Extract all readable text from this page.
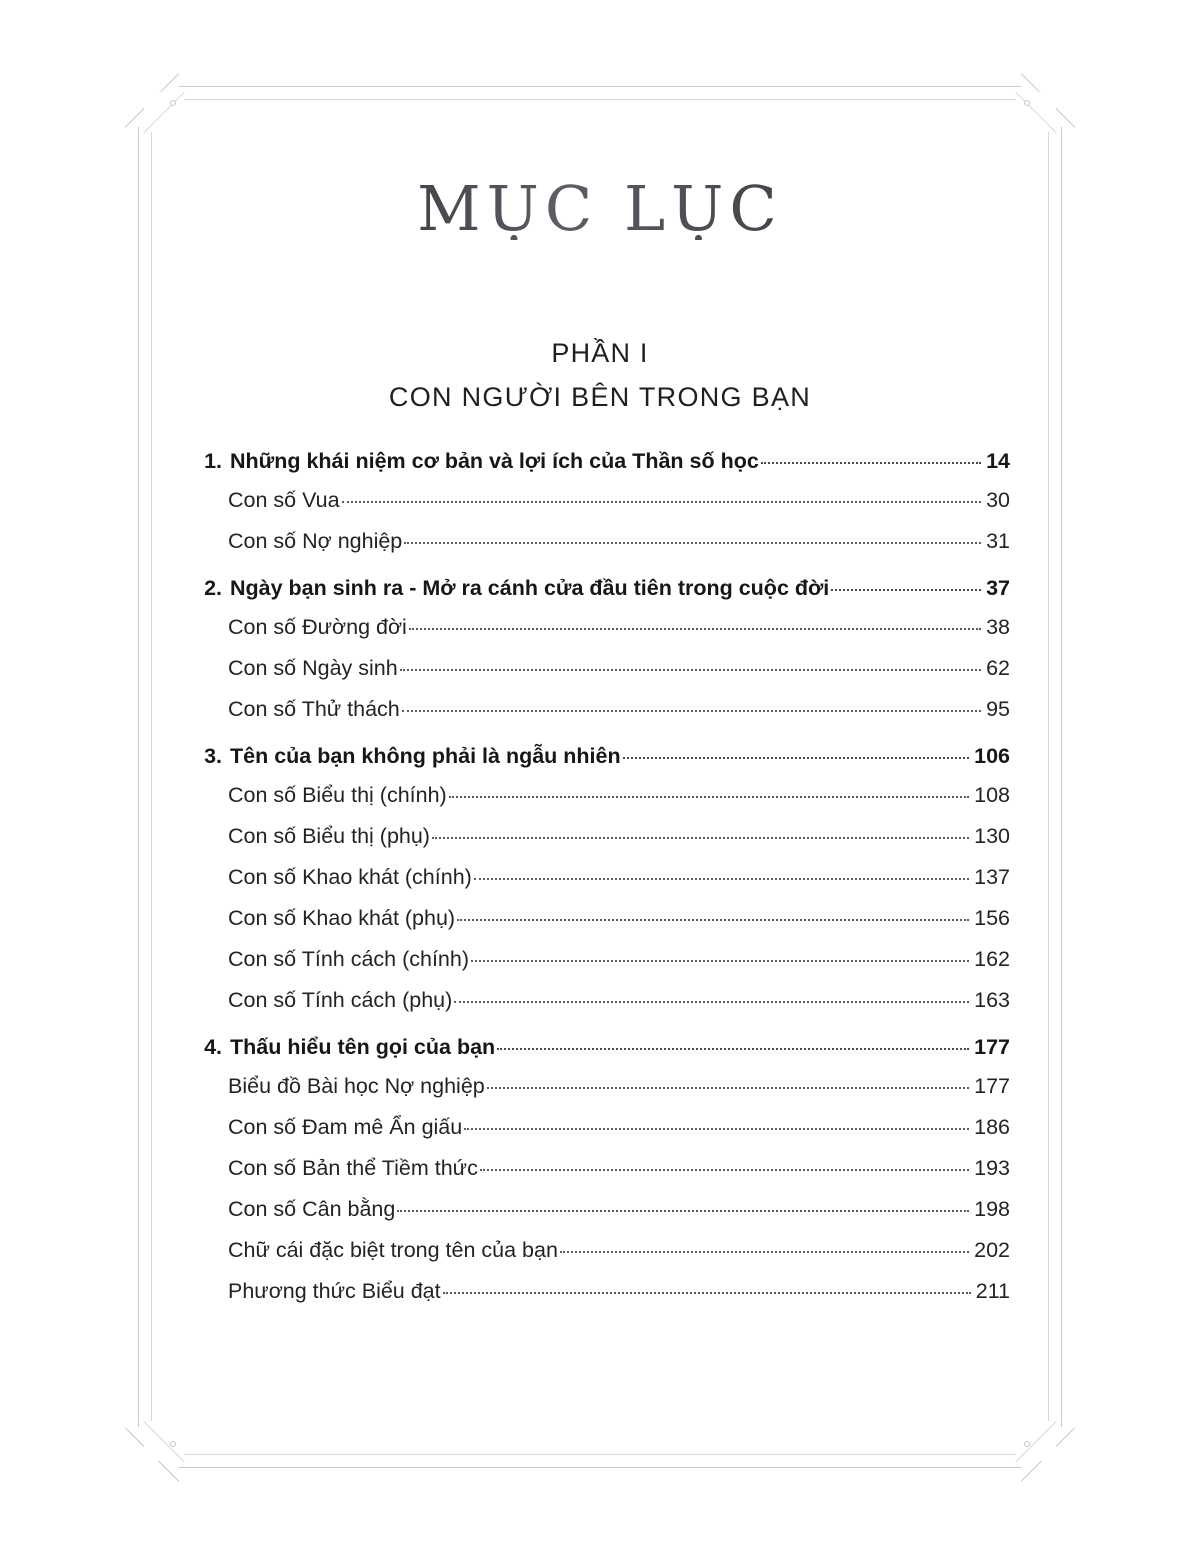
MỤC LỤC
PHẦN I
CON NGƯỜI BÊN TRONG BẠN
1. Những khái niệm cơ bản và lợi ích của Thần số học	14
Con số Vua	30
Con số Nợ nghiệp	31
2. Ngày bạn sinh ra - Mở ra cánh cửa đầu tiên trong cuộc đời	37
Con số Đường đời	38
Con số Ngày sinh	62
Con số Thử thách	95
3. Tên của bạn không phải là ngẫu nhiên	106
Con số Biểu thị (chính)	108
Con số Biểu thị (phụ)	130
Con số Khao khát (chính)	137
Con số Khao khát (phụ)	156
Con số Tính cách (chính)	162
Con số Tính cách (phụ)	163
4. Thấu hiểu tên gọi của bạn	177
Biểu đồ Bài học Nợ nghiệp	177
Con số Đam mê Ẩn giấu	186
Con số Bản thể Tiềm thức	193
Con số Cân bằng	198
Chữ cái đặc biệt trong tên của bạn	202
Phương thức Biểu đạt	211
